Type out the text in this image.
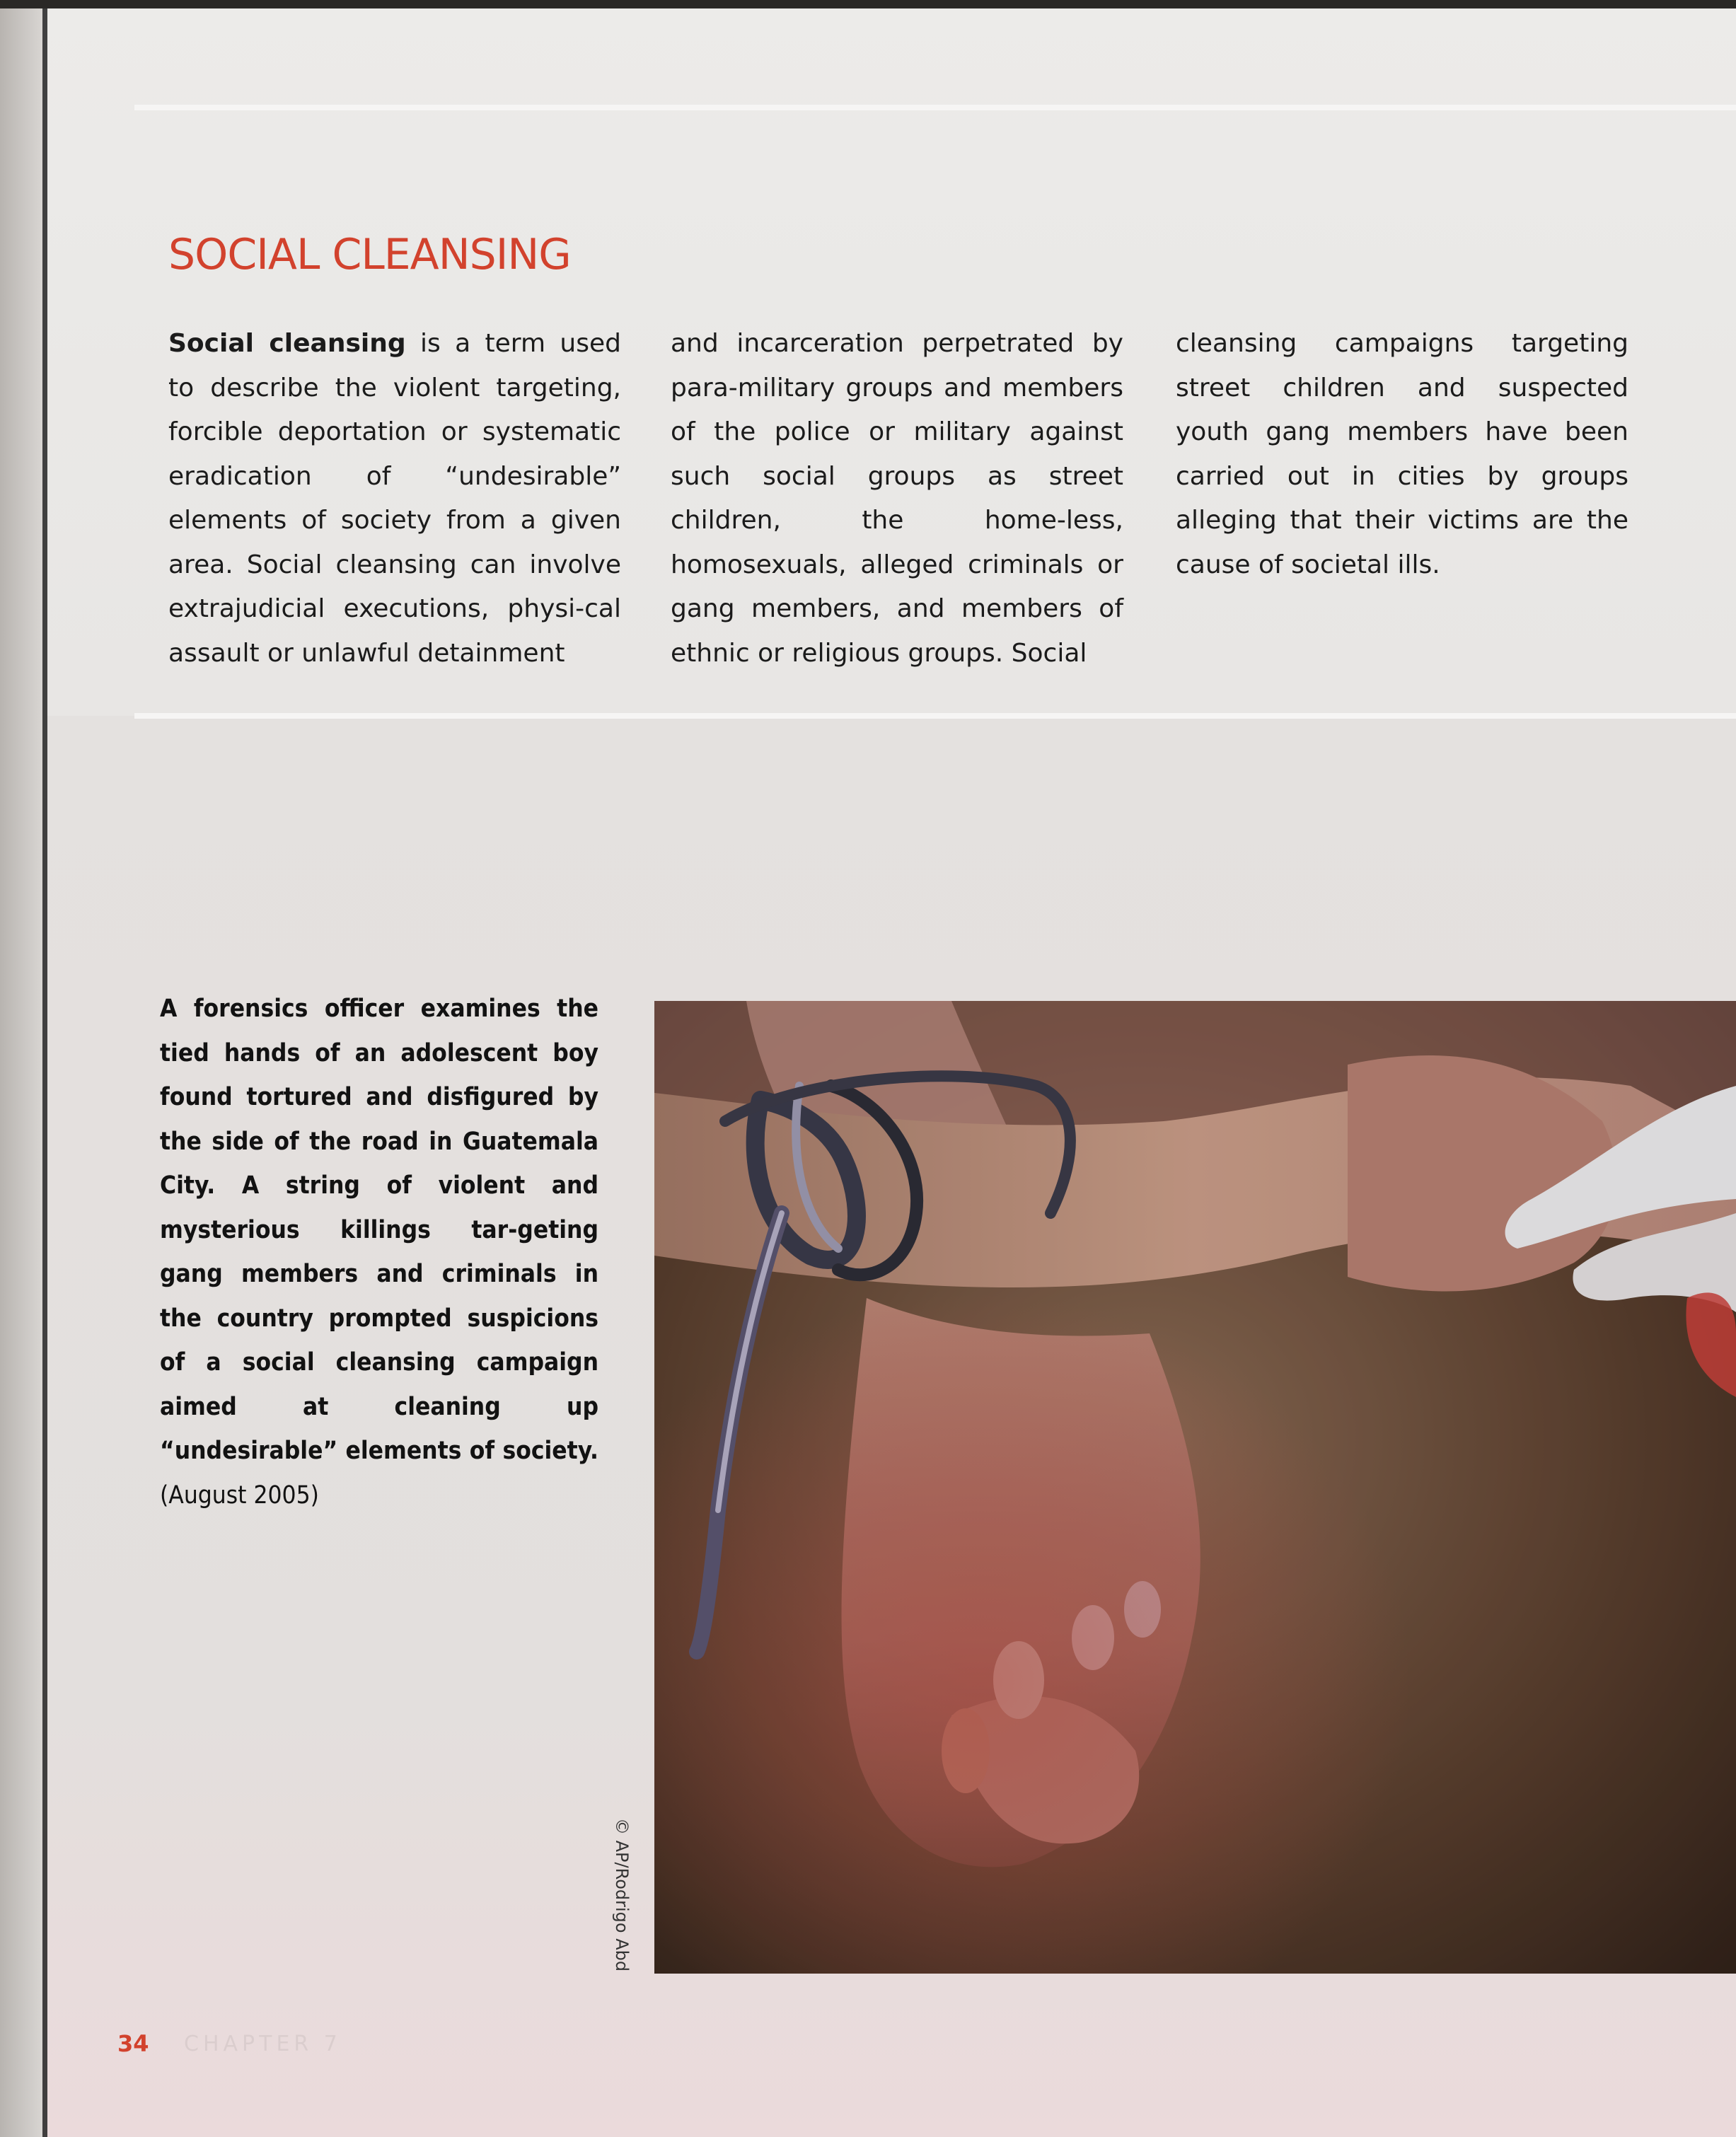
SOCIAL CLEANSING
Social cleansing is a term used to describe the violent targeting, forcible deportation or systematic eradication of “undesirable” elements of society from a given area. Social cleansing can involve extrajudicial executions, physi-cal assault or unlawful detainment
and incarceration perpetrated by para-military groups and members of the police or military against such social groups as street children, the home-less, homosexuals, alleged criminals or gang members, and members of ethnic or religious groups. Social
cleansing campaigns targeting street children and suspected youth gang members have been carried out in cities by groups alleging that their victims are the cause of societal ills.
A forensics officer examines the tied hands of an adolescent boy found tortured and disfigured by the side of the road in Guatemala City. A string of violent and mysterious killings tar-geting gang members and criminals in the country prompted suspicions of a social cleansing campaign aimed at cleaning up “undesirable” elements of society. (August 2005)
© AP/Rodrigo Abd
34 CHAPTER 7
